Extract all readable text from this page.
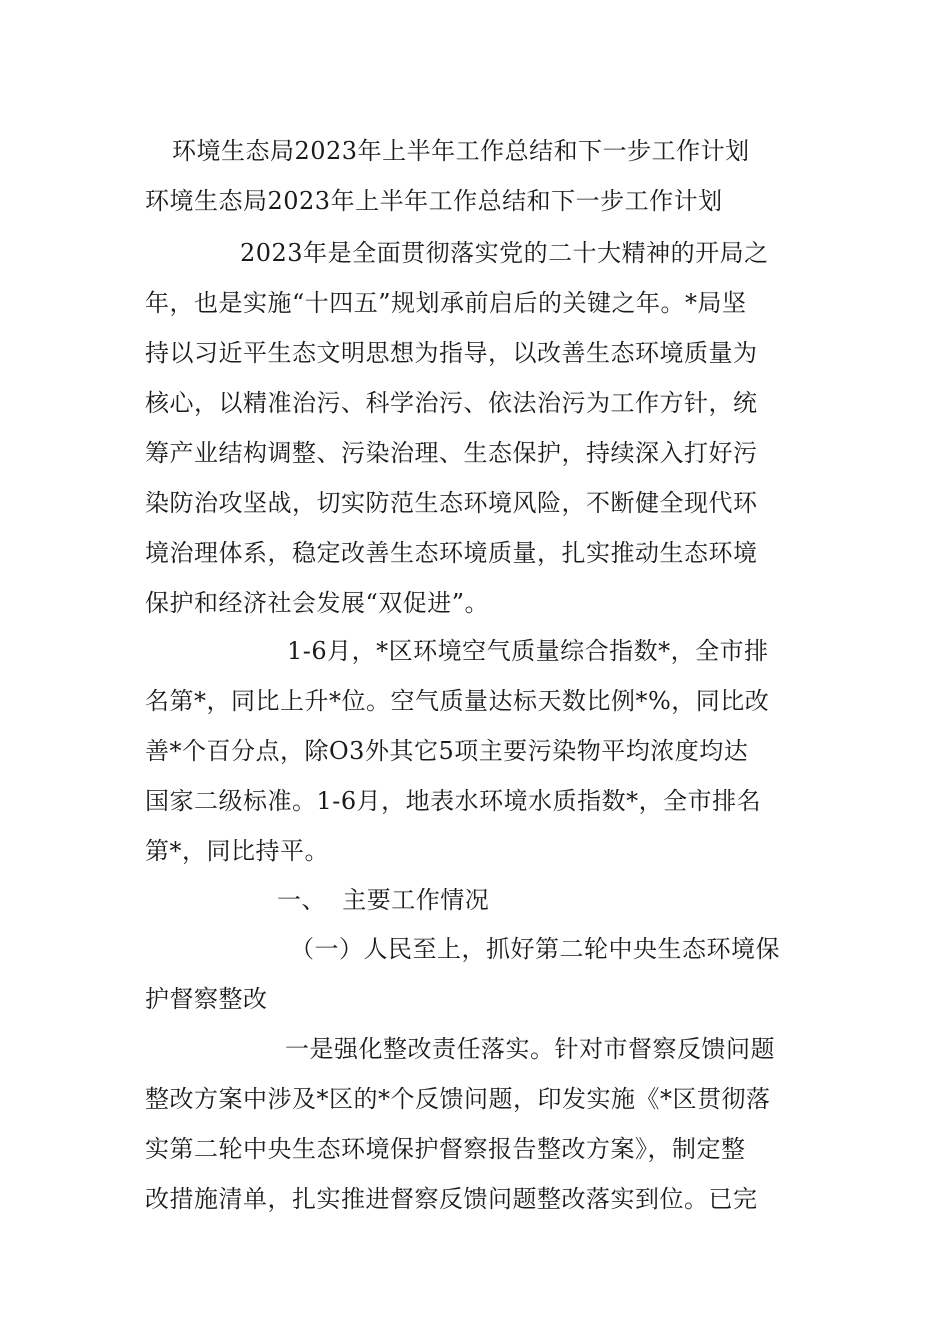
环境生态局2023年上半年工作总结和下一步工作计划
环境生态局2023年上半年工作总结和下一步工作计划
2023年是全面贯彻落实党的二十大精神的开局之
年，也是实施“十四五”规划承前启后的关键之年。*局坚
持以习近平生态文明思想为指导，以改善生态环境质量为
核心，以精准治污、科学治污、依法治污为工作方针，统
筹产业结构调整、污染治理、生态保护，持续深入打好污
染防治攻坚战，切实防范生态环境风险，不断健全现代环
境治理体系，稳定改善生态环境质量，扎实推动生态环境
保护和经济社会发展“双促进”。
1-6月，*区环境空气质量综合指数*，全市排
名第*，同比上升*位。空气质量达标天数比例*%，同比改
善*个百分点，除O3外其它5项主要污染物平均浓度均达
国家二级标准。1-6月，地表水环境水质指数*，全市排名
第*，同比持平。
一、  主要工作情况
（一）人民至上，抓好第二轮中央生态环境保
护督察整改
一是强化整改责任落实。针对市督察反馈问题
整改方案中涉及*区的*个反馈问题，印发实施《*区贯彻落
实第二轮中央生态环境保护督察报告整改方案》，制定整
改措施清单，扎实推进督察反馈问题整改落实到位。已完
